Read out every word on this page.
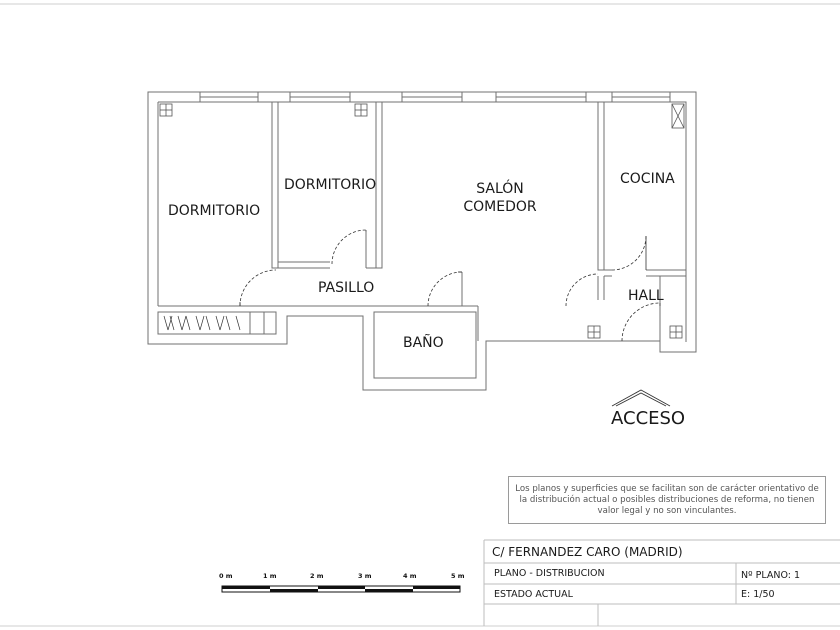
DORMITORIO
DORMITORIO	SALÓN
COMEDOR
COCINA
PASILLO	HALL
BAÑO
ACCESO
Los planos y superficies que se facilitan son de carácter orientativo de la distribución actual o posibles distribuciones de reforma, no tienen valor legal y no son vinculantes.
C/ FERNANDEZ CARO (MADRID)
PLANO - DISTRIBUCION	Nº PLANO: 1
ESTADO ACTUAL	E: 1/50
0 m	1 m	2 m	3 m	4 m	5 m
